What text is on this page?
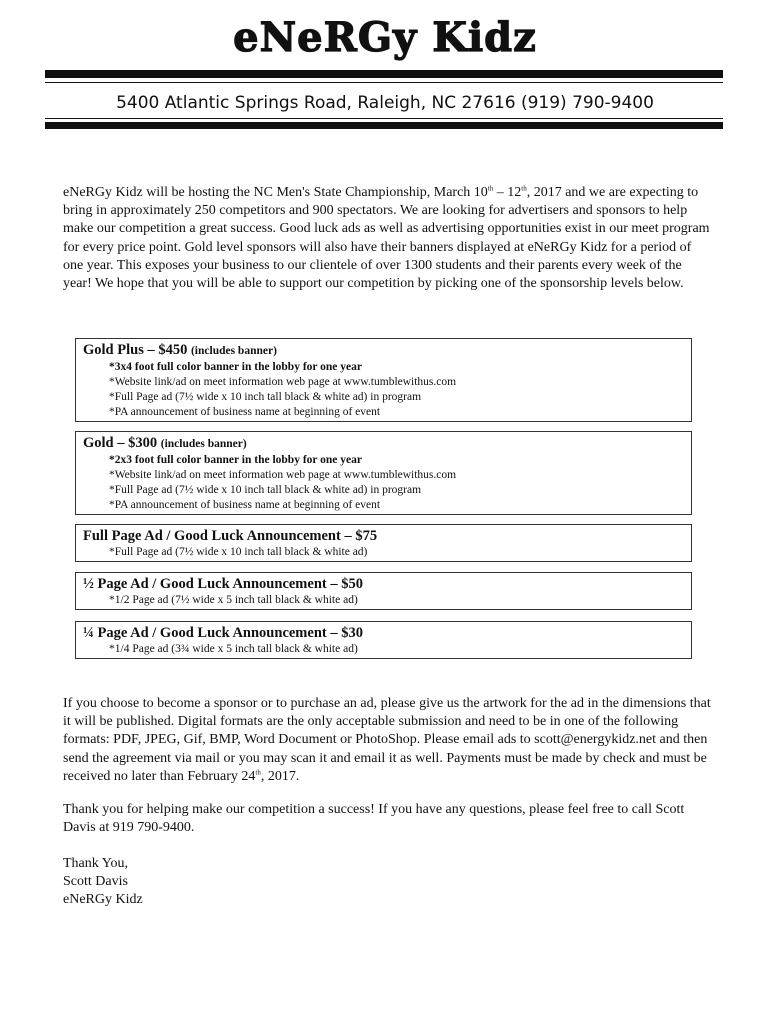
eNeRGy Kidz
5400 Atlantic Springs Road, Raleigh, NC 27616 (919) 790-9400
eNeRGy Kidz will be hosting the NC Men's State Championship, March 10th – 12th, 2017 and we are expecting to bring in approximately 250 competitors and 900 spectators. We are looking for advertisers and sponsors to help make our competition a great success. Good luck ads as well as advertising opportunities exist in our meet program for every price point. Gold level sponsors will also have their banners displayed at eNeRGy Kidz for a period of one year. This exposes your business to our clientele of over 1300 students and their parents every week of the year! We hope that you will be able to support our competition by picking one of the sponsorship levels below.
Gold Plus – $450 (includes banner)
*3x4 foot full color banner in the lobby for one year
*Website link/ad on meet information web page at www.tumblewithus.com
*Full Page ad (7½ wide x 10 inch tall black & white ad) in program
*PA announcement of business name at beginning of event
Gold – $300 (includes banner)
*2x3 foot full color banner in the lobby for one year
*Website link/ad on meet information web page at www.tumblewithus.com
*Full Page ad (7½ wide x 10 inch tall black & white ad) in program
*PA announcement of business name at beginning of event
Full Page Ad / Good Luck Announcement – $75
*Full Page ad (7½ wide x 10 inch tall black & white ad)
½ Page Ad / Good Luck Announcement – $50
*1/2 Page ad (7½ wide x 5 inch tall black & white ad)
¼ Page Ad / Good Luck Announcement – $30
*1/4 Page ad (3¾ wide x 5 inch tall black & white ad)
If you choose to become a sponsor or to purchase an ad, please give us the artwork for the ad in the dimensions that it will be published. Digital formats are the only acceptable submission and need to be in one of the following formats: PDF, JPEG, Gif, BMP, Word Document or PhotoShop. Please email ads to scott@energykidz.net and then send the agreement via mail or you may scan it and email it as well. Payments must be made by check and must be received no later than February 24th, 2017.
Thank you for helping make our competition a success! If you have any questions, please feel free to call Scott Davis at 919 790-9400.
Thank You,
Scott Davis
eNeRGy Kidz
